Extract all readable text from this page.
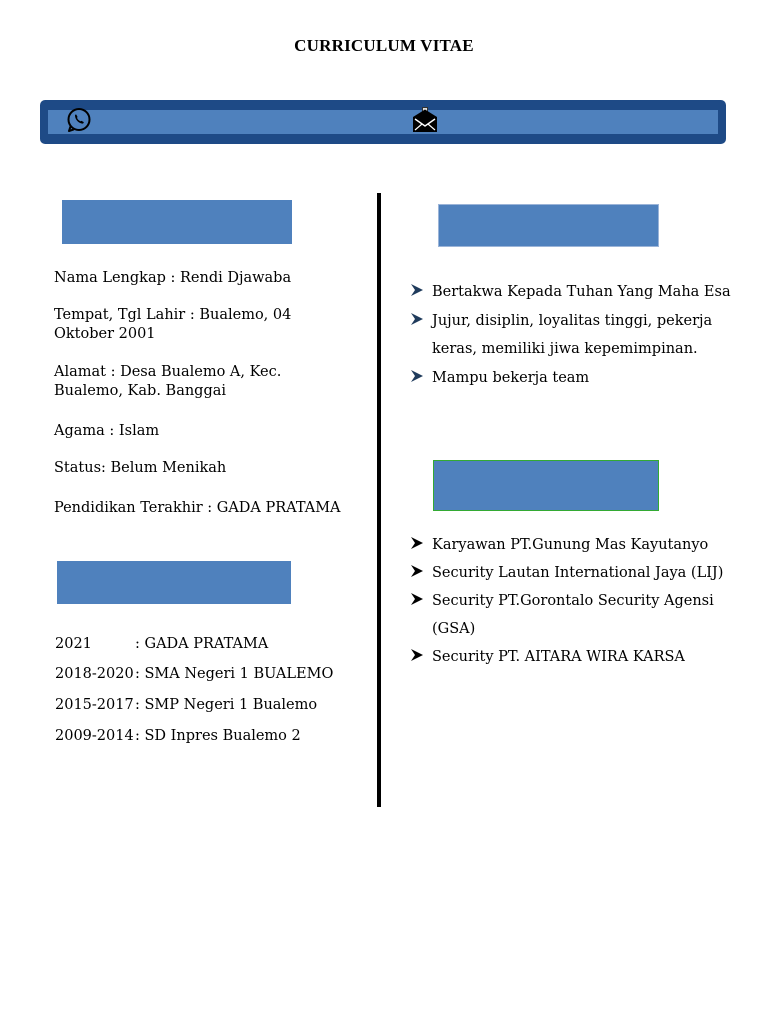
CURRICULUM VITAE
Nama Lengkap : Rendi Djawaba
Tempat, Tgl Lahir : Bualemo, 04 Oktober 2001
Alamat : Desa Bualemo A, Kec. Bualemo, Kab. Banggai
Agama : Islam
Status: Belum Menikah
Pendidikan Terakhir : GADA PRATAMA
2021	: GADA PRATAMA
2018-2020: SMA Negeri 1 BUALEMO
2015-2017: SMP Negeri 1 Bualemo
2009-2014: SD Inpres Bualemo 2
Bertakwa Kepada Tuhan Yang Maha Esa
Jujur, disiplin, loyalitas tinggi, pekerja keras, memiliki jiwa kepemimpinan.
Mampu bekerja team
Karyawan PT.Gunung Mas Kayutanyo
Security Lautan International Jaya (LIJ)
Security PT.Gorontalo Security Agensi (GSA)
Security PT. AITARA WIRA KARSA
